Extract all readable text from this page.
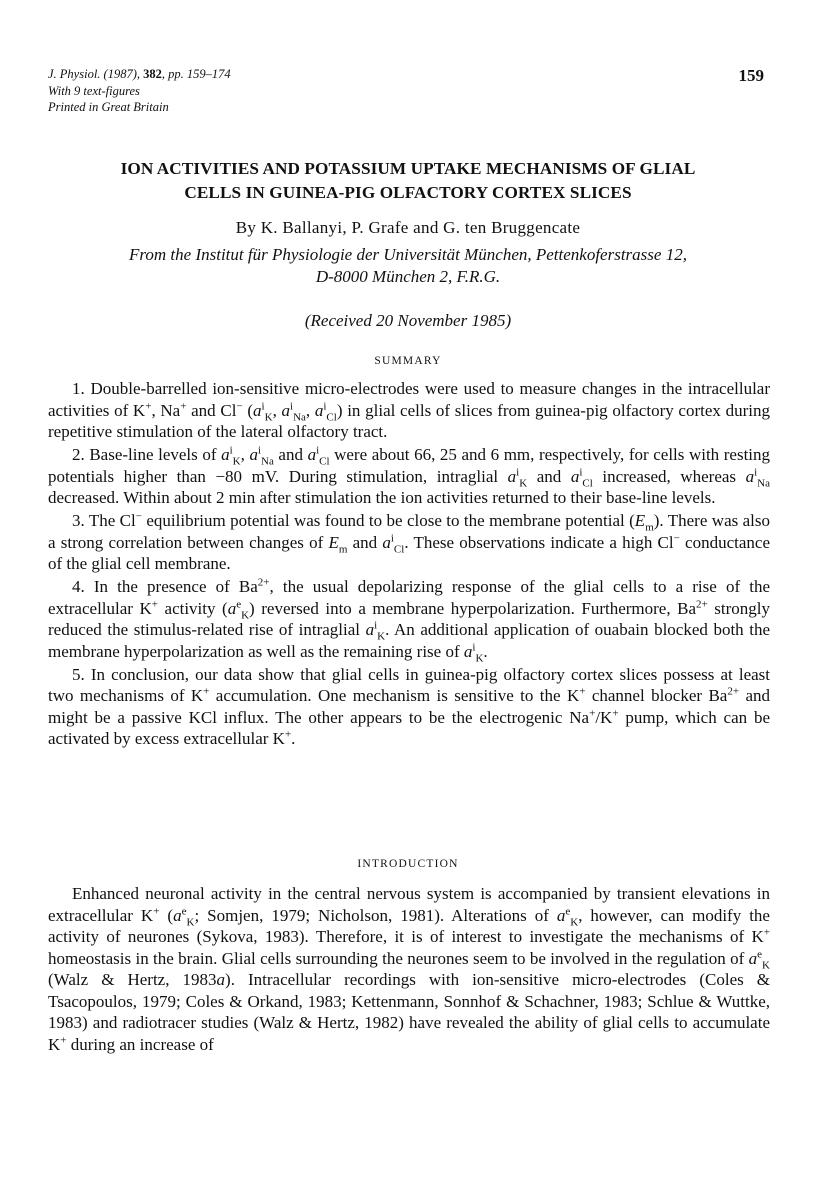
J. Physiol. (1987), 382, pp. 159–174
With 9 text-figures
Printed in Great Britain
159
ION ACTIVITIES AND POTASSIUM UPTAKE MECHANISMS OF GLIAL
CELLS IN GUINEA-PIG OLFACTORY CORTEX SLICES
By K. Ballanyi, P. Grafe and G. ten Bruggencate
From the Institut für Physiologie der Universität München, Pettenkoferstrasse 12,
D-8000 München 2, F.R.G.
(Received 20 November 1985)
SUMMARY

1. Double-barrelled ion-sensitive micro-electrodes were used to measure changes in the intracellular activities of K+, Na+ and Cl− ($a^i_K$, $a^i_{Na}$, $a^i_{Cl}$) in glial cells of slices from guinea-pig olfactory cortex during repetitive stimulation of the lateral olfactory tract.

2. Base-line levels of $a^i_K$, $a^i_{Na}$ and $a^i_{Cl}$ were about 66, 25 and 6 mm, respectively, for cells with resting potentials higher than −80 mV. During stimulation, intraglial $a^i_K$ and $a^i_{Cl}$ increased, whereas $a^i_{Na}$ decreased. Within about 2 min after stimulation the ion activities returned to their base-line levels.

3. The Cl− equilibrium potential was found to be close to the membrane potential $(E_m)$. There was also a strong correlation between changes of $E_m$ and $a^i_{Cl}$. These observations indicate a high Cl− conductance of the glial cell membrane.

4. In the presence of $Ba^{2+}$, the usual depolarizing response of the glial cells to a rise of the extracellular K+ activity $(a^e_K)$ reversed into a membrane hyperpolarization. Furthermore, $Ba^{2+}$ strongly reduced the stimulus-related rise of intraglial $a^i_K$. An additional application of ouabain blocked both the membrane hyperpolarization as well as the remaining rise of $a^i_K$.

5. In conclusion, our data show that glial cells in guinea-pig olfactory cortex slices possess at least two mechanisms of K+ accumulation. One mechanism is sensitive to the K+ channel blocker $Ba^{2+}$ and might be a passive KCl influx. The other appears to be the electrogenic Na+/K+ pump, which can be activated by excess extracellular K+.

INTRODUCTION

Enhanced neuronal activity in the central nervous system is accompanied by transient elevations in extracellular K+ ($a^e_K$; Somjen, 1979; Nicholson, 1981). Alterations of $a^e_K$, however, can modify the activity of neurones (Sykova, 1983). Therefore, it is of interest to investigate the mechanisms of K+ homeostasis in the brain. Glial cells surrounding the neurones seem to be involved in the regulation of $a^e_K$ (Walz & Hertz, 1983a). Intracellular recordings with ion-sensitive micro-electrodes (Coles & Tsacopoulos, 1979; Coles & Orkand, 1983; Kettenmann, Sonnhof & Schachner, 1983; Schlue & Wuttke, 1983) and radiotracer studies (Walz & Hertz, 1982) have revealed the ability of glial cells to accumulate K+ during an increase of
